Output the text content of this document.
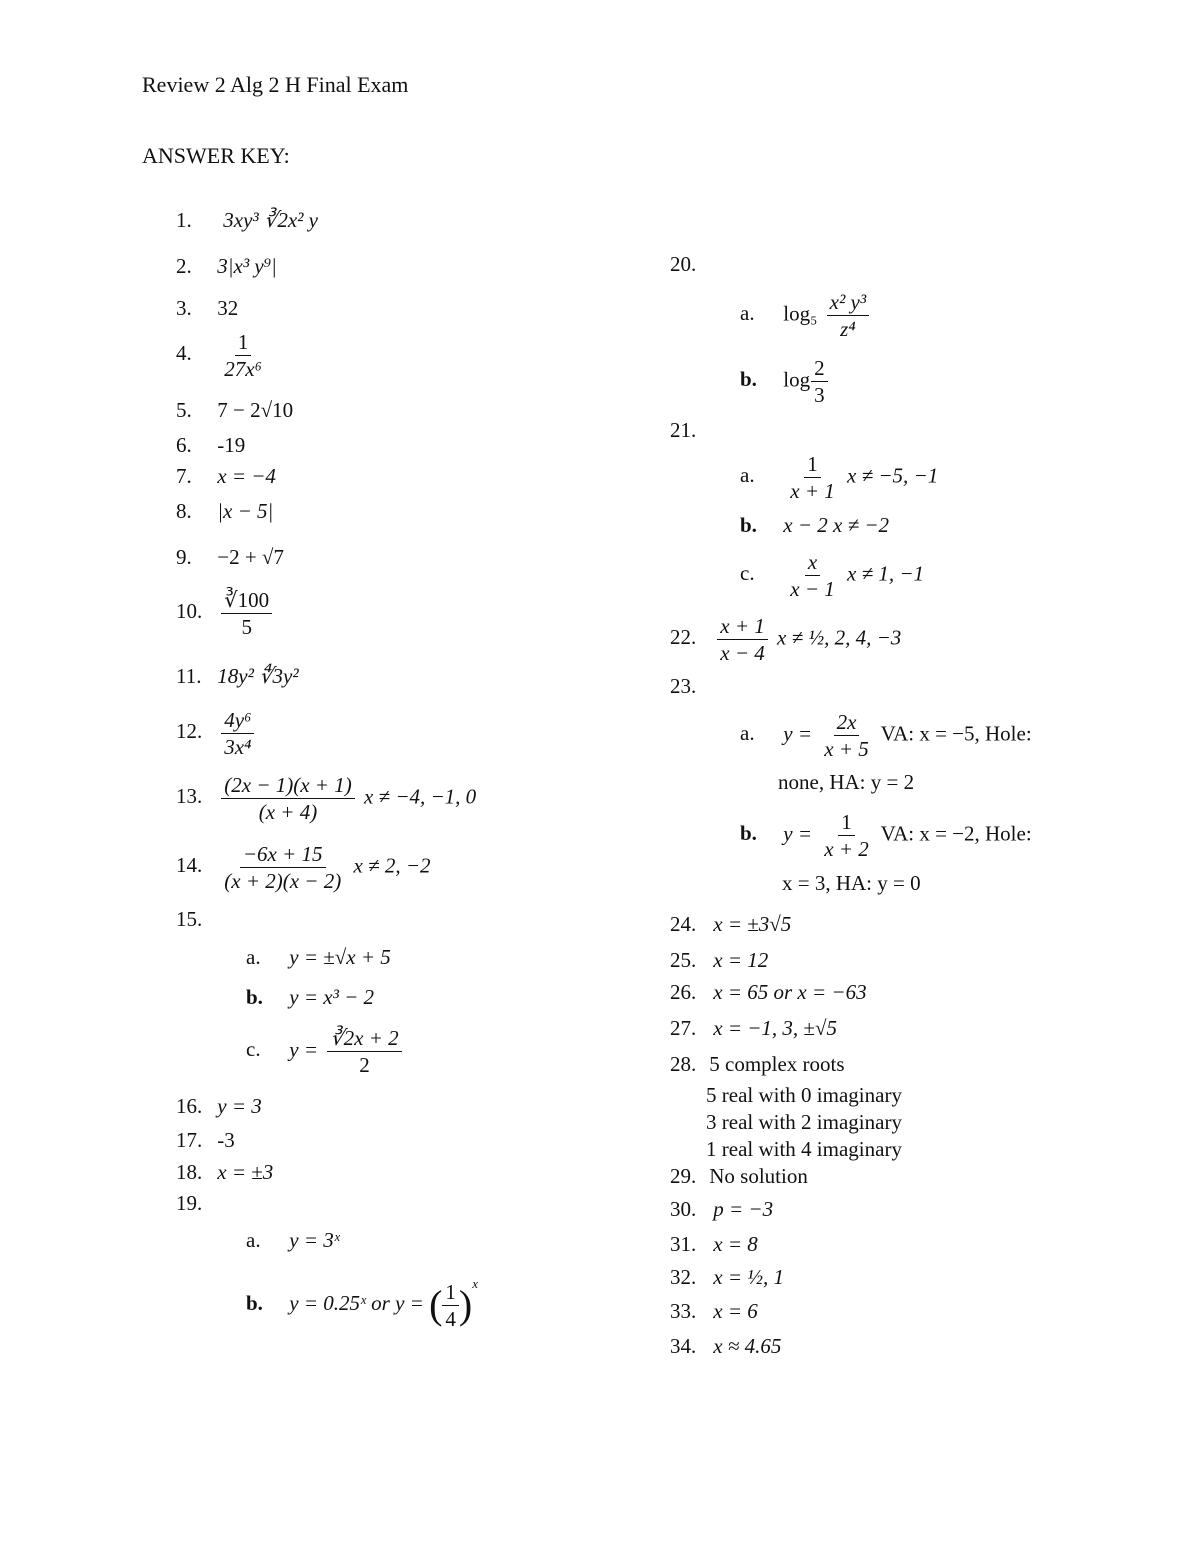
Review 2 Alg 2 H Final Exam
ANSWER KEY:
1. 3xy³ ∛2x² y
2. 3|x³ y⁹|
3. 32
4. $\frac{1}{\text{27x⁶}}$
5. 7 − 2√10
6. -19
7. x = −4
8. |x − 5|
9. −2 + √7
10. $\frac{∛100}{5}$
11. 18y² ∜3y²
12. $\frac{\text{4y⁶}}{\text{3x⁴}}$
13. $\frac{(2x - 1)(x + 1)}{(x + 4)}$ x ≠ −4, −1, 0
14. $\frac{-6x + 15}{(x + 2)(x - 2)}$ x ≠ 2, −2
15.
a. y = ±√x + 5
b. y = x³ − 2
c. $y = \frac{∛2x + 2}{2}$
16. y = 3
17. -3
18. x = ±3
19.
a. y = 3ˣ
b. y = 0.25ˣ or y = ( $\frac{1}{4} )^x$
20.
a. $\log_5 \frac{\text{x² y³}}{\text{z⁴}}$
b. $\log \frac{2}{3}$
21.
a. $\frac{1}{x + 1}$ x ≠ −5, −1
b. x − 2 x ≠ −2
c. $\frac{x}{x - 1}$ x ≠ 1, −1
22. $\frac{x + 1}{x - 4}$ x ≠ ½, 2, 4, −3
23.
a. $y = \frac{2x}{x + 5}$ VA: x = −5, Hole:
none, HA: y = 2
b. $y = \frac{1}{x + 2}$ VA: x = −2, Hole:
x = 3, HA: y = 0
24. x = ±3√5
25. x = 12
26. x = 65 or x = −63
27. x = −1, 3, ±√5
28. 5 complex roots
5 real with 0 imaginary
3 real with 2 imaginary
1 real with 4 imaginary
29. No solution
30. p = −3
31. x = 8
32. x = ½, 1
33. x = 6
34. x ≈ 4.65
